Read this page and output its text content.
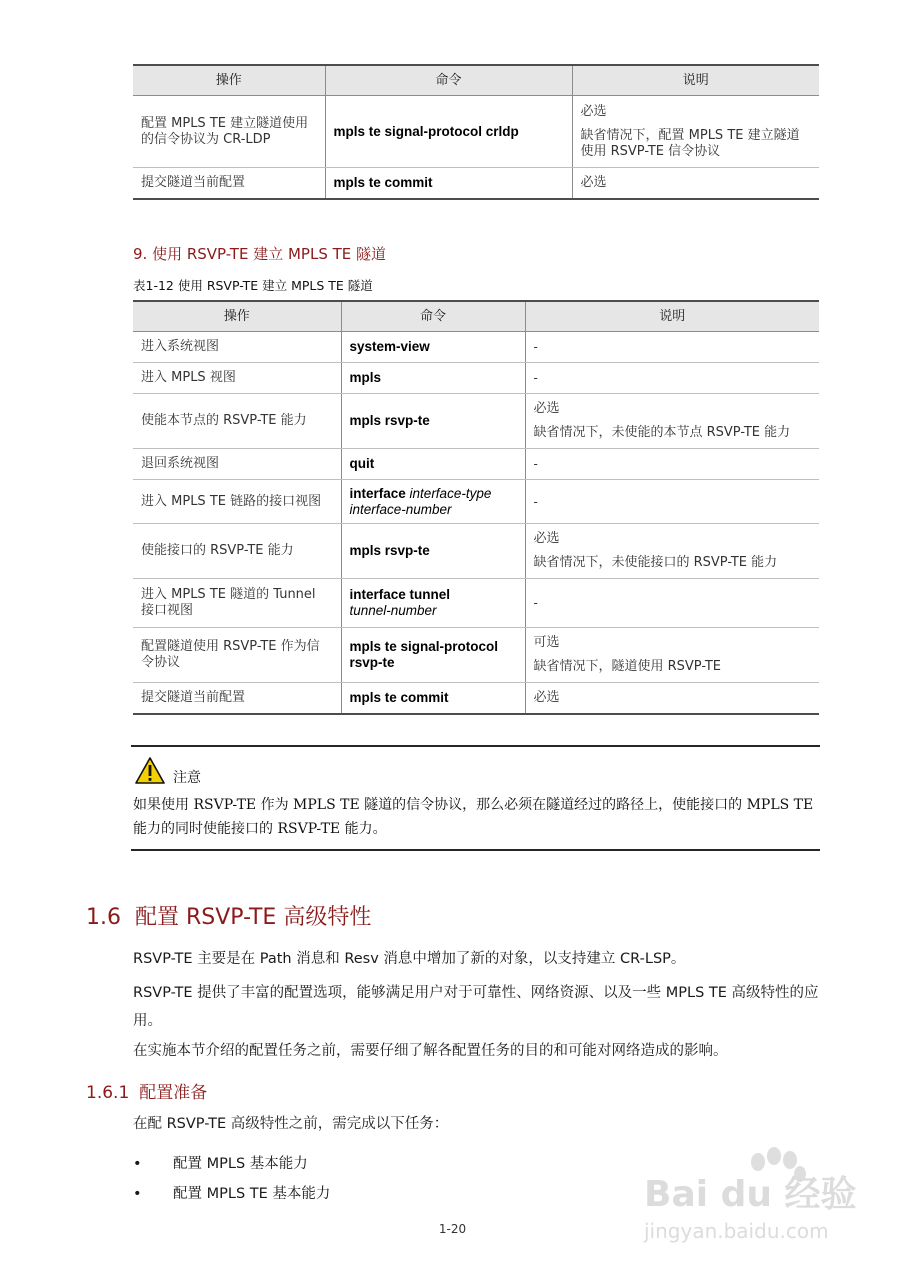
操作	命令	说明
配置 MPLS TE 建立隧道使用的信令协议为 CR-LDP	mpls te signal-protocol crldp	必选
缺省情况下，配置 MPLS TE 建立隧道使用 RSVP-TE 信令协议

提交隧道当前配置	mpls te commit	必选
9. 使用 RSVP-TE 建立 MPLS TE 隧道
表1-12 使用 RSVP-TE 建立 MPLS TE 隧道
操作	命令	说明
进入系统视图	system-view	-
进入 MPLS 视图	mpls	-
使能本节点的 RSVP-TE 能力	mpls rsvp-te	必选
缺省情况下，未使能的本节点 RSVP-TE 能力

退回系统视图	quit	-
进入 MPLS TE 链路的接口视图	interface interface-type
interface-number	-
使能接口的 RSVP-TE 能力	mpls rsvp-te	必选
缺省情况下，未使能接口的 RSVP-TE 能力

进入 MPLS TE 隧道的 Tunnel 接口视图	interface tunnel
tunnel-number	-
配置隧道使用 RSVP-TE 作为信令协议	mpls te signal-protocol rsvp-te	可选
缺省情况下，隧道使用 RSVP-TE

提交隧道当前配置	mpls te commit	必选
注意
如果使用 RSVP-TE 作为 MPLS TE 隧道的信令协议，那么必须在隧道经过的路径上，使能接口的 MPLS TE 能力的同时使能接口的 RSVP-TE 能力。
1.6 配置 RSVP-TE 高级特性
RSVP-TE 主要是在 Path 消息和 Resv 消息中增加了新的对象，以支持建立 CR-LSP。
RSVP-TE 提供了丰富的配置选项，能够满足用户对于可靠性、网络资源、以及一些 MPLS TE 高级特性的应用。
在实施本节介绍的配置任务之前，需要仔细了解各配置任务的目的和可能对网络造成的影响。
1.6.1 配置准备
在配 RSVP-TE 高级特性之前，需完成以下任务：
• 配置 MPLS 基本能力
• 配置 MPLS TE 基本能力
1-20
Bai du 经验
jingyan.baidu.com
